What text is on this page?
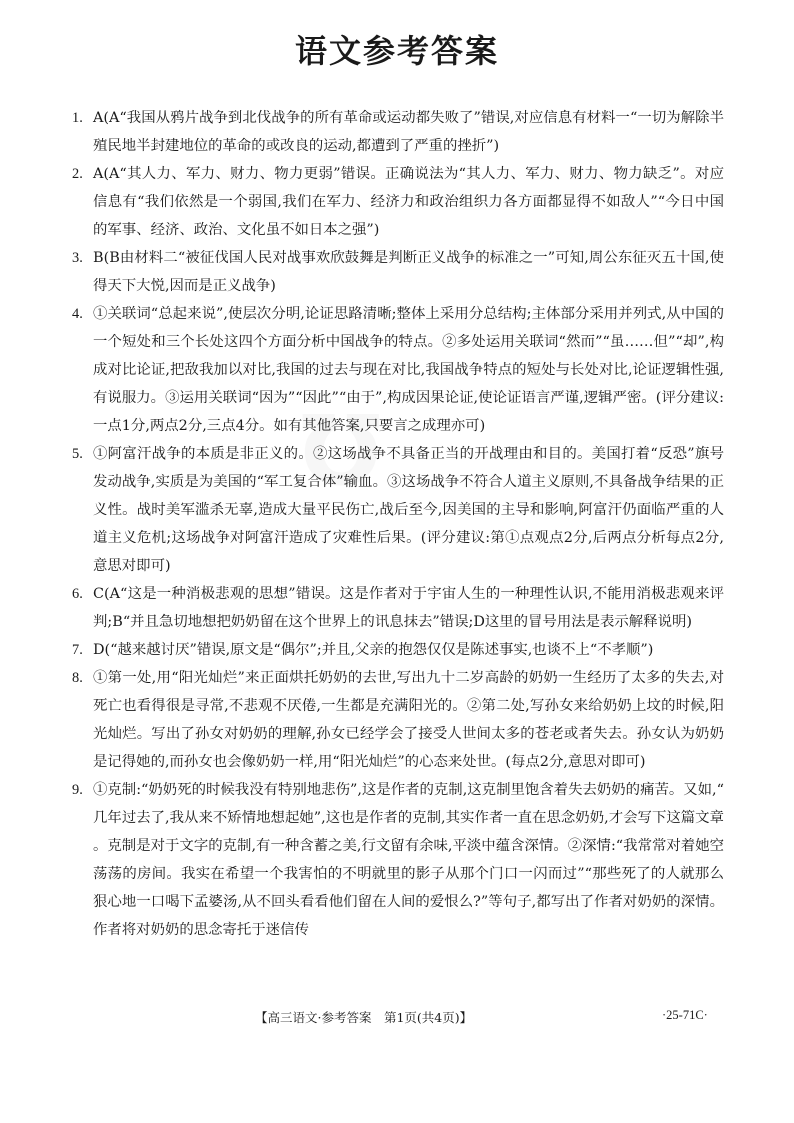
语文参考答案

1. A(A“我国从鸦片战争到北伐战争的所有革命或运动都失败了”错误,对应信息有材料一“一切为解除半殖民地半封建地位的革命的或改良的运动,都遭到了严重的挫折”)

2. A(A“其人力、军力、财力、物力更弱”错误。正确说法为“其人力、军力、财力、物力缺乏”。对应信息有“我们依然是一个弱国,我们在军力、经济力和政治组织力各方面都显得不如敌人”“今日中国的军事、经济、政治、文化虽不如日本之强”)

3. B(B由材料二“被征伐国人民对战事欢欣鼓舞是判断正义战争的标准之一”可知,周公东征灭五十国,使得天下大悦,因而是正义战争)

4. ①关联词“总起来说”,使层次分明,论证思路清晰;整体上采用分总结构;主体部分采用并列式,从中国的一个短处和三个长处这四个方面分析中国战争的特点。②多处运用关联词“然而”“虽……但”“却”,构成对比论证,把敌我加以对比,我国的过去与现在对比,我国战争特点的短处与长处对比,论证逻辑性强,有说服力。③运用关联词“因为”“因此”“由于”,构成因果论证,使论证语言严谨,逻辑严密。(评分建议:一点1分,两点2分,三点4分。如有其他答案,只要言之成理亦可)

5. ①阿富汗战争的本质是非正义的。②这场战争不具备正当的开战理由和目的。美国打着“反恐”旗号发动战争,实质是为美国的“军工复合体”输血。③这场战争不符合人道主义原则,不具备战争结果的正义性。战时美军滥杀无辜,造成大量平民伤亡,战后至今,因美国的主导和影响,阿富汗仍面临严重的人道主义危机;这场战争对阿富汗造成了灾难性后果。(评分建议:第①点观点2分,后两点分析每点2分,意思对即可)

6. C(A“这是一种消极悲观的思想”错误。这是作者对于宇宙人生的一种理性认识,不能用消极悲观来评判;B“并且急切地想把奶奶留在这个世界上的讯息抹去”错误;D这里的冒号用法是表示解释说明)

7. D(“越来越讨厌”错误,原文是“偶尔”;并且,父亲的抱怨仅仅是陈述事实,也谈不上“不孝顺”)

8. ①第一处,用“阳光灿烂”来正面烘托奶奶的去世,写出九十二岁高龄的奶奶一生经历了太多的失去,对死亡也看得很是寻常,不悲观不厌倦,一生都是充满阳光的。②第二处,写孙女来给奶奶上坟的时候,阳光灿烂。写出了孙女对奶奶的理解,孙女已经学会了接受人世间太多的苍老或者失去。孙女认为奶奶是记得她的,而孙女也会像奶奶一样,用“阳光灿烂”的心态来处世。(每点2分,意思对即可)

9. ①克制:“奶奶死的时候我没有特别地悲伤”,这是作者的克制,这克制里饱含着失去奶奶的痛苦。又如,“几年过去了,我从来不矫情地想起她”,这也是作者的克制,其实作者一直在思念奶奶,才会写下这篇文章。克制是对于文字的克制,有一种含蓄之美,行文留有余味,平淡中蕴含深情。②深情:“我常常对着她空荡荡的房间。我实在希望一个我害怕的不明就里的影子从那个门口一闪而过”“那些死了的人就那么狠心地一口喝下孟婆汤,从不回头看看他们留在人间的爱恨么?”等句子,都写出了作者对奶奶的深情。作者将对奶奶的思念寄托于迷信传

【高三语文·参考答案　第1页(共4页)】	·25-71C·
